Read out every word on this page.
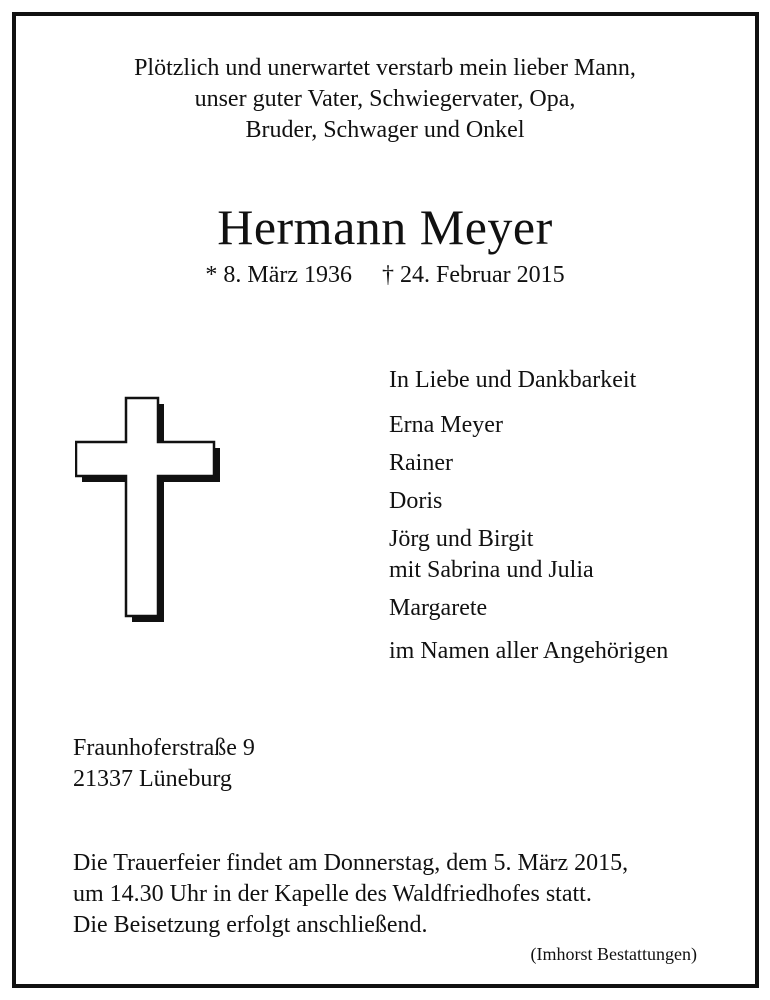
Plötzlich und unerwartet verstarb mein lieber Mann,
unser guter Vater, Schwiegervater, Opa,
Bruder, Schwager und Onkel
Hermann Meyer
* 8. März 1936 † 24. Februar 2015
In Liebe und Dankbarkeit
Erna Meyer
Rainer
Doris
Jörg und Birgit
mit Sabrina und Julia
Margarete
im Namen aller Angehörigen
Fraunhoferstraße 9
21337 Lüneburg
Die Trauerfeier findet am Donnerstag, dem 5. März 2015,
um 14.30 Uhr in der Kapelle des Waldfriedhofes statt.
Die Beisetzung erfolgt anschließend.
(Imhorst Bestattungen)
